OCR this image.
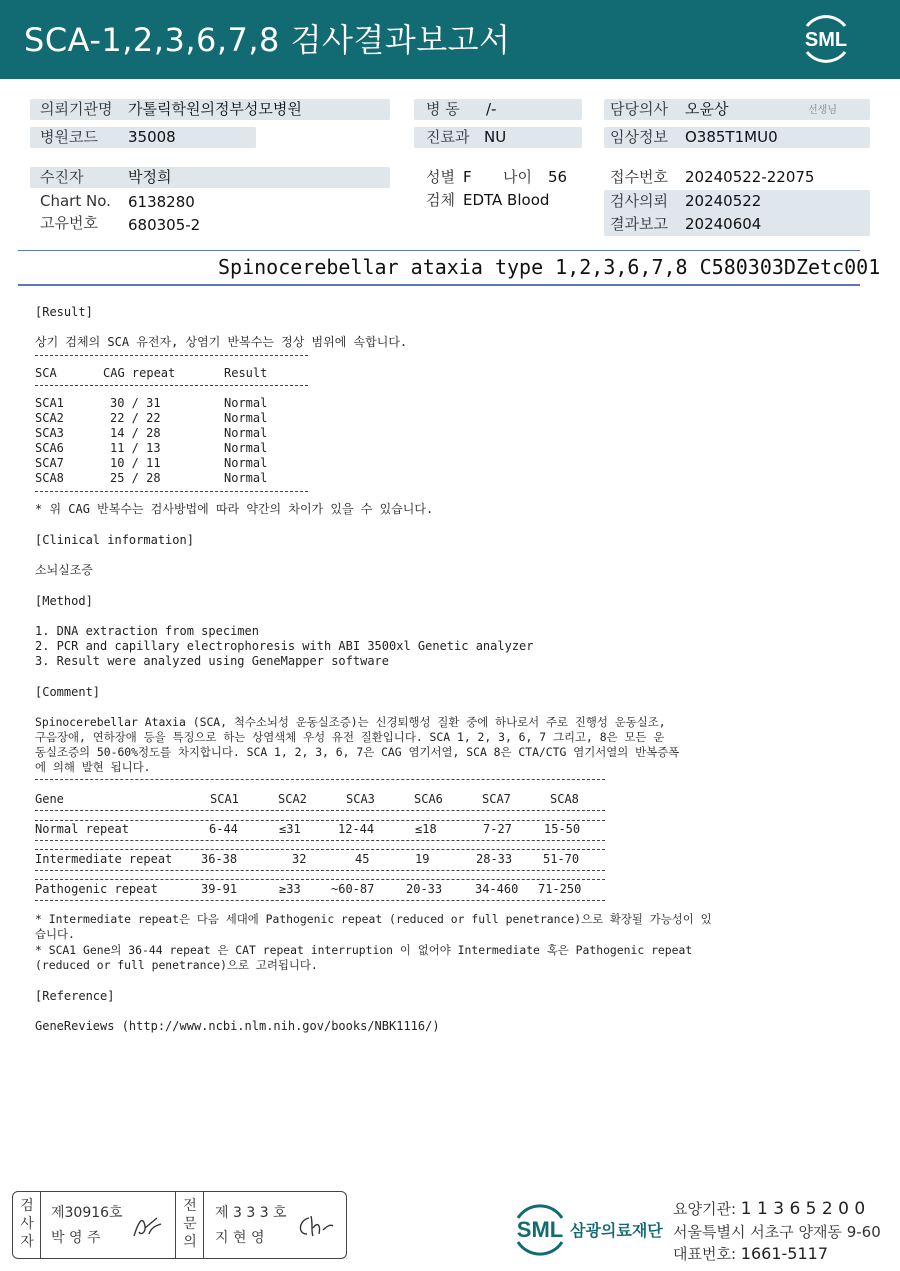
SCA-1,2,3,6,7,8 검사결과보고서	SML
의뢰기관명 가톨릭학원의정부성모병원
병원코드 35008
병 동 /-
진료과 NU
담당의사 오윤상	선생님
임상정보 O385T1MU0
수진자	박정희
Chart No. 6138280
고유번호 680305-2
성별 F 나이 56
검체 EDTA Blood
접수번호 20240522-22075
검사의뢰 20240522
결과보고 20240604
Spinocerebellar ataxia type 1,2,3,6,7,8 C580303DZetc001
[Result]
상기 검체의 SCA 유전자, 상염기 반복수는 정상 범위에 속합니다.
SCA	CAG repeat	Result
SCA1	30 / 31	Normal
SCA2	22 / 22	Normal
SCA3	14 / 28	Normal
SCA6	11 / 13	Normal
SCA7	10 / 11	Normal
SCA8	25 / 28	Normal
* 위 CAG 반복수는 검사방법에 따라 약간의 차이가 있을 수 있습니다.
[Clinical information]
소뇌실조증
[Method]
1. DNA extraction from specimen
2. PCR and capillary electrophoresis with ABI 3500xl Genetic analyzer
3. Result were analyzed using GeneMapper software
[Comment]
Spinocerebellar Ataxia (SCA, 척수소뇌성 운동실조증)는 신경퇴행성 질환 중에 하나로서 주로 진행성 운동실조,
구음장애, 연하장애 등을 특징으로 하는 상염색체 우성 유전 질환입니다. SCA 1, 2, 3, 6, 7 그리고, 8은 모든 운
동실조증의 50-60%정도를 차지합니다. SCA 1, 2, 3, 6, 7은 CAG 염기서열, SCA 8은 CTA/CTG 염기서열의 반복증폭
에 의해 발현 됩니다.
Gene	SCA1	SCA2	SCA3	SCA6	SCA7	SCA8
Normal repeat	6-44	≤31	12-44	≤18	7-27	15-50
Intermediate repeat 36-38	32	45	19	28-33	51-70
Pathogenic repeat	39-91	≥33	~60-87	20-33	34-460 71-250
* Intermediate repeat은 다음 세대에 Pathogenic repeat (reduced or full penetrance)으로 확장될 가능성이 있
습니다.
* SCA1 Gene의 36-44 repeat 은 CAT repeat interruption 이 없어야 Intermediate 혹은 Pathogenic repeat
(reduced or full penetrance)으로 고려됩니다.
[Reference]
GeneReviews (http://www.ncbi.nlm.nih.gov/books/NBK1116/)
검사자
제30916호
박 영 주
전문의
제 3 3 3 호
지 현 영	SML 삼광의료재단
요양기관: 1 1 3 6 5 2 0 0
서울특별시 서초구 양재동 9-60
대표번호: 1661-5117
